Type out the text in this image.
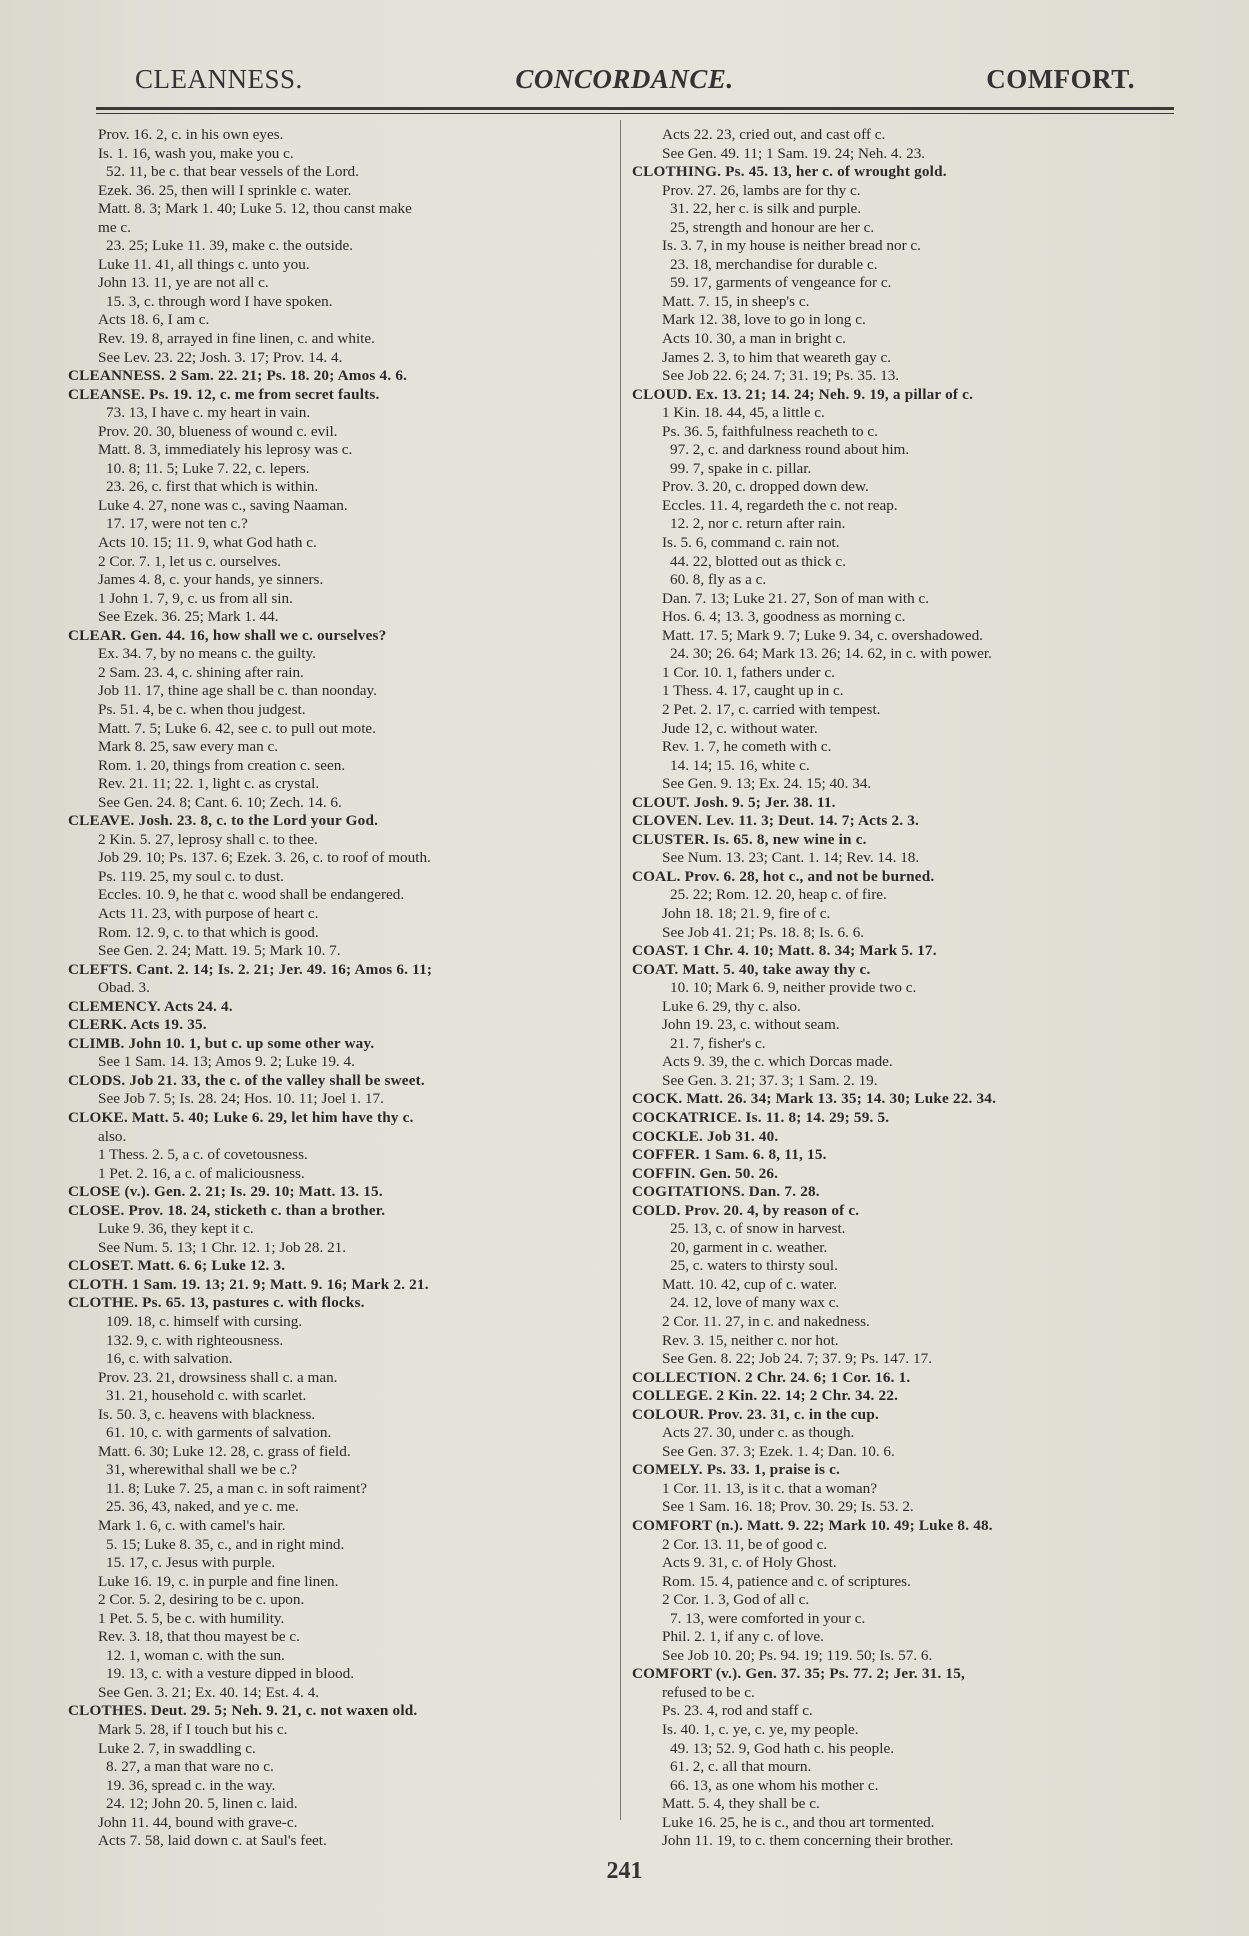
CLEANNESS.	CONCORDANCE.	COMFORT.
Prov. 16. 2, c. in his own eyes.
Is. 1. 16, wash you, make you c.
52. 11, be c. that bear vessels of the Lord.
Ezek. 36. 25, then will I sprinkle c. water.
Matt. 8. 3; Mark 1. 40; Luke 5. 12, thou canst make
me c.
23. 25; Luke 11. 39, make c. the outside.
Luke 11. 41, all things c. unto you.
John 13. 11, ye are not all c.
15. 3, c. through word I have spoken.
Acts 18. 6, I am c.
Rev. 19. 8, arrayed in fine linen, c. and white.
See Lev. 23. 22; Josh. 3. 17; Prov. 14. 4.
CLEANNESS. 2 Sam. 22. 21; Ps. 18. 20; Amos 4. 6.
CLEANSE. Ps. 19. 12, c. me from secret faults.
73. 13, I have c. my heart in vain.
Prov. 20. 30, blueness of wound c. evil.
Matt. 8. 3, immediately his leprosy was c.
10. 8; 11. 5; Luke 7. 22, c. lepers.
23. 26, c. first that which is within.
Luke 4. 27, none was c., saving Naaman.
17. 17, were not ten c.?
Acts 10. 15; 11. 9, what God hath c.
2 Cor. 7. 1, let us c. ourselves.
James 4. 8, c. your hands, ye sinners.
1 John 1. 7, 9, c. us from all sin.
See Ezek. 36. 25; Mark 1. 44.
CLEAR. Gen. 44. 16, how shall we c. ourselves?
Ex. 34. 7, by no means c. the guilty.
2 Sam. 23. 4, c. shining after rain.
Job 11. 17, thine age shall be c. than noonday.
Ps. 51. 4, be c. when thou judgest.
Matt. 7. 5; Luke 6. 42, see c. to pull out mote.
Mark 8. 25, saw every man c.
Rom. 1. 20, things from creation c. seen.
Rev. 21. 11; 22. 1, light c. as crystal.
See Gen. 24. 8; Cant. 6. 10; Zech. 14. 6.
CLEAVE. Josh. 23. 8, c. to the Lord your God.
2 Kin. 5. 27, leprosy shall c. to thee.
Job 29. 10; Ps. 137. 6; Ezek. 3. 26, c. to roof of mouth.
Ps. 119. 25, my soul c. to dust.
Eccles. 10. 9, he that c. wood shall be endangered.
Acts 11. 23, with purpose of heart c.
Rom. 12. 9, c. to that which is good.
See Gen. 2. 24; Matt. 19. 5; Mark 10. 7.
CLEFTS. Cant. 2. 14; Is. 2. 21; Jer. 49. 16; Amos 6. 11;
Obad. 3.
CLEMENCY. Acts 24. 4.
CLERK. Acts 19. 35.
CLIMB. John 10. 1, but c. up some other way.
See 1 Sam. 14. 13; Amos 9. 2; Luke 19. 4.
CLODS. Job 21. 33, the c. of the valley shall be sweet.
See Job 7. 5; Is. 28. 24; Hos. 10. 11; Joel 1. 17.
CLOKE. Matt. 5. 40; Luke 6. 29, let him have thy c.
also.
1 Thess. 2. 5, a c. of covetousness.
1 Pet. 2. 16, a c. of maliciousness.
CLOSE (v.). Gen. 2. 21; Is. 29. 10; Matt. 13. 15.
CLOSE. Prov. 18. 24, sticketh c. than a brother.
Luke 9. 36, they kept it c.
See Num. 5. 13; 1 Chr. 12. 1; Job 28. 21.
CLOSET. Matt. 6. 6; Luke 12. 3.
CLOTH. 1 Sam. 19. 13; 21. 9; Matt. 9. 16; Mark 2. 21.
CLOTHE. Ps. 65. 13, pastures c. with flocks.
109. 18, c. himself with cursing.
132. 9, c. with righteousness.
16, c. with salvation.
Prov. 23. 21, drowsiness shall c. a man.
31. 21, household c. with scarlet.
Is. 50. 3, c. heavens with blackness.
61. 10, c. with garments of salvation.
Matt. 6. 30; Luke 12. 28, c. grass of field.
31, wherewithal shall we be c.?
11. 8; Luke 7. 25, a man c. in soft raiment?
25. 36, 43, naked, and ye c. me.
Mark 1. 6, c. with camel's hair.
5. 15; Luke 8. 35, c., and in right mind.
15. 17, c. Jesus with purple.
Luke 16. 19, c. in purple and fine linen.
2 Cor. 5. 2, desiring to be c. upon.
1 Pet. 5. 5, be c. with humility.
Rev. 3. 18, that thou mayest be c.
12. 1, woman c. with the sun.
19. 13, c. with a vesture dipped in blood.
See Gen. 3. 21; Ex. 40. 14; Est. 4. 4.
CLOTHES. Deut. 29. 5; Neh. 9. 21, c. not waxen old.
Mark 5. 28, if I touch but his c.
Luke 2. 7, in swaddling c.
8. 27, a man that ware no c.
19. 36, spread c. in the way.
24. 12; John 20. 5, linen c. laid.
John 11. 44, bound with grave-c.
Acts 7. 58, laid down c. at Saul's feet.
Acts 22. 23, cried out, and cast off c.
See Gen. 49. 11; 1 Sam. 19. 24; Neh. 4. 23.
CLOTHING. Ps. 45. 13, her c. of wrought gold.
Prov. 27. 26, lambs are for thy c.
31. 22, her c. is silk and purple.
25, strength and honour are her c.
Is. 3. 7, in my house is neither bread nor c.
23. 18, merchandise for durable c.
59. 17, garments of vengeance for c.
Matt. 7. 15, in sheep's c.
Mark 12. 38, love to go in long c.
Acts 10. 30, a man in bright c.
James 2. 3, to him that weareth gay c.
See Job 22. 6; 24. 7; 31. 19; Ps. 35. 13.
CLOUD. Ex. 13. 21; 14. 24; Neh. 9. 19, a pillar of c.
1 Kin. 18. 44, 45, a little c.
Ps. 36. 5, faithfulness reacheth to c.
97. 2, c. and darkness round about him.
99. 7, spake in c. pillar.
Prov. 3. 20, c. dropped down dew.
Eccles. 11. 4, regardeth the c. not reap.
12. 2, nor c. return after rain.
Is. 5. 6, command c. rain not.
44. 22, blotted out as thick c.
60. 8, fly as a c.
Dan. 7. 13; Luke 21. 27, Son of man with c.
Hos. 6. 4; 13. 3, goodness as morning c.
Matt. 17. 5; Mark 9. 7; Luke 9. 34, c. overshadowed.
24. 30; 26. 64; Mark 13. 26; 14. 62, in c. with power.
1 Cor. 10. 1, fathers under c.
1 Thess. 4. 17, caught up in c.
2 Pet. 2. 17, c. carried with tempest.
Jude 12, c. without water.
Rev. 1. 7, he cometh with c.
14. 14; 15. 16, white c.
See Gen. 9. 13; Ex. 24. 15; 40. 34.
CLOUT. Josh. 9. 5; Jer. 38. 11.
CLOVEN. Lev. 11. 3; Deut. 14. 7; Acts 2. 3.
CLUSTER. Is. 65. 8, new wine in c.
See Num. 13. 23; Cant. 1. 14; Rev. 14. 18.
COAL. Prov. 6. 28, hot c., and not be burned.
25. 22; Rom. 12. 20, heap c. of fire.
John 18. 18; 21. 9, fire of c.
See Job 41. 21; Ps. 18. 8; Is. 6. 6.
COAST. 1 Chr. 4. 10; Matt. 8. 34; Mark 5. 17.
COAT. Matt. 5. 40, take away thy c.
10. 10; Mark 6. 9, neither provide two c.
Luke 6. 29, thy c. also.
John 19. 23, c. without seam.
21. 7, fisher's c.
Acts 9. 39, the c. which Dorcas made.
See Gen. 3. 21; 37. 3; 1 Sam. 2. 19.
COCK. Matt. 26. 34; Mark 13. 35; 14. 30; Luke 22. 34.
COCKATRICE. Is. 11. 8; 14. 29; 59. 5.
COCKLE. Job 31. 40.
COFFER. 1 Sam. 6. 8, 11, 15.
COFFIN. Gen. 50. 26.
COGITATIONS. Dan. 7. 28.
COLD. Prov. 20. 4, by reason of c.
25. 13, c. of snow in harvest.
20, garment in c. weather.
25, c. waters to thirsty soul.
Matt. 10. 42, cup of c. water.
24. 12, love of many wax c.
2 Cor. 11. 27, in c. and nakedness.
Rev. 3. 15, neither c. nor hot.
See Gen. 8. 22; Job 24. 7; 37. 9; Ps. 147. 17.
COLLECTION. 2 Chr. 24. 6; 1 Cor. 16. 1.
COLLEGE. 2 Kin. 22. 14; 2 Chr. 34. 22.
COLOUR. Prov. 23. 31, c. in the cup.
Acts 27. 30, under c. as though.
See Gen. 37. 3; Ezek. 1. 4; Dan. 10. 6.
COMELY. Ps. 33. 1, praise is c.
1 Cor. 11. 13, is it c. that a woman?
See 1 Sam. 16. 18; Prov. 30. 29; Is. 53. 2.
COMFORT (n.). Matt. 9. 22; Mark 10. 49; Luke 8. 48.
2 Cor. 13. 11, be of good c.
Acts 9. 31, c. of Holy Ghost.
Rom. 15. 4, patience and c. of scriptures.
2 Cor. 1. 3, God of all c.
7. 13, were comforted in your c.
Phil. 2. 1, if any c. of love.
See Job 10. 20; Ps. 94. 19; 119. 50; Is. 57. 6.
COMFORT (v.). Gen. 37. 35; Ps. 77. 2; Jer. 31. 15,
refused to be c.
Ps. 23. 4, rod and staff c.
Is. 40. 1, c. ye, c. ye, my people.
49. 13; 52. 9, God hath c. his people.
61. 2, c. all that mourn.
66. 13, as one whom his mother c.
Matt. 5. 4, they shall be c.
Luke 16. 25, he is c., and thou art tormented.
John 11. 19, to c. them concerning their brother.
241
